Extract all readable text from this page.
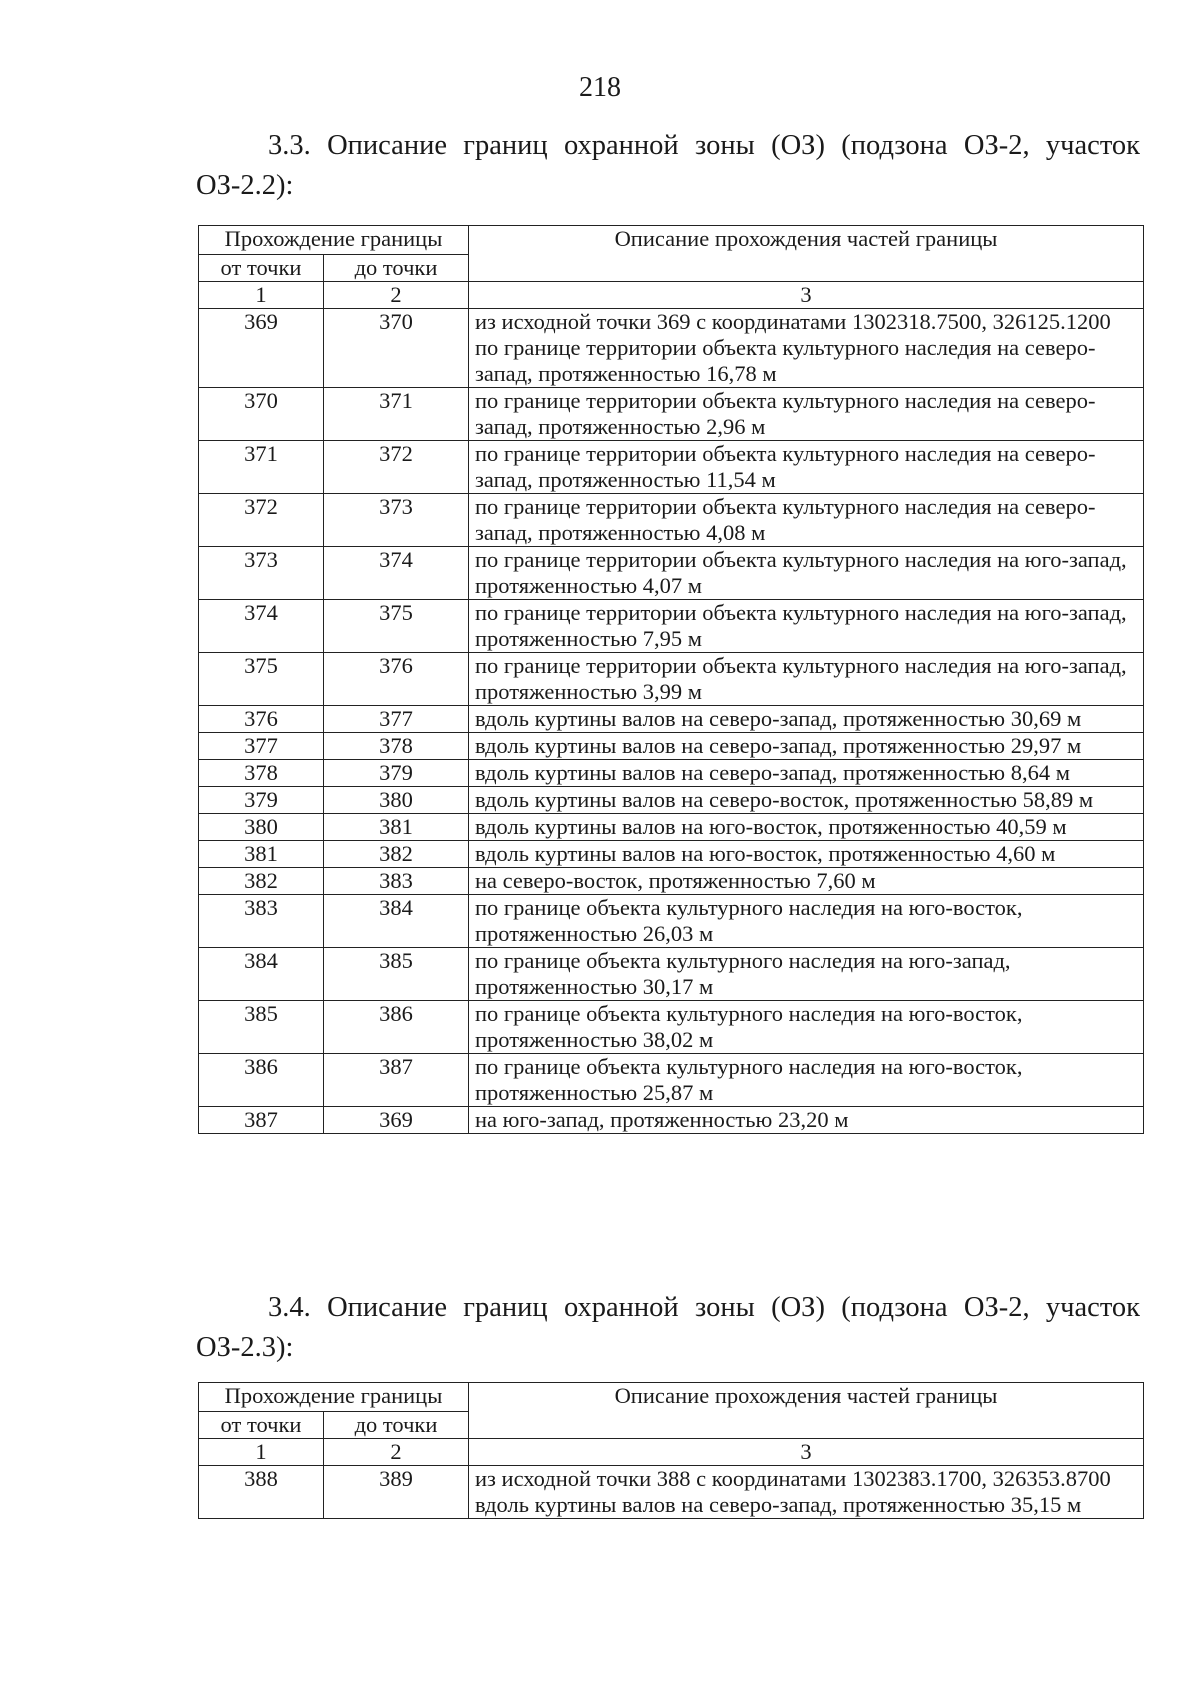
218
3.3. Описание границ охранной зоны (ОЗ) (подзона ОЗ-2, участок ОЗ-2.2):
Прохождение границы		Описание прохождения частей границы
от точки	до точки	
1	2	3
369	370	из исходной точки 369 с координатами 1302318.7500, 326125.1200 по границе территории объекта культурного наследия на северо-запад, протяженностью 16,78 м
370	371	по границе территории объекта культурного наследия на северо-запад, протяженностью 2,96 м
371	372	по границе территории объекта культурного наследия на северо-запад, протяженностью 11,54 м
372	373	по границе территории объекта культурного наследия на северо-запад, протяженностью 4,08 м
373	374	по границе территории объекта культурного наследия на юго-запад, протяженностью 4,07 м
374	375	по границе территории объекта культурного наследия на юго-запад, протяженностью 7,95 м
375	376	по границе территории объекта культурного наследия на юго-запад, протяженностью 3,99 м
376	377	вдоль куртины валов на северо-запад, протяженностью 30,69 м
377	378	вдоль куртины валов на северо-запад, протяженностью 29,97 м
378	379	вдоль куртины валов на северо-запад, протяженностью 8,64 м
379	380	вдоль куртины валов на северо-восток, протяженностью 58,89 м
380	381	вдоль куртины валов на юго-восток, протяженностью 40,59 м
381	382	вдоль куртины валов на юго-восток, протяженностью 4,60 м
382	383	на северо-восток, протяженностью 7,60 м
383	384	по границе объекта культурного наследия на юго-восток, протяженностью 26,03 м
384	385	по границе объекта культурного наследия на юго-запад, протяженностью 30,17 м
385	386	по границе объекта культурного наследия на юго-восток, протяженностью 38,02 м
386	387	по границе объекта культурного наследия на юго-восток, протяженностью 25,87 м
387	369	на юго-запад, протяженностью 23,20 м
3.4. Описание границ охранной зоны (ОЗ) (подзона ОЗ-2, участок ОЗ-2.3):
Прохождение границы		Описание прохождения частей границы
от точки	до точки	
1	2	3
388	389	из исходной точки 388 с координатами 1302383.1700, 326353.8700 вдоль куртины валов на северо-запад, протяженностью 35,15 м
